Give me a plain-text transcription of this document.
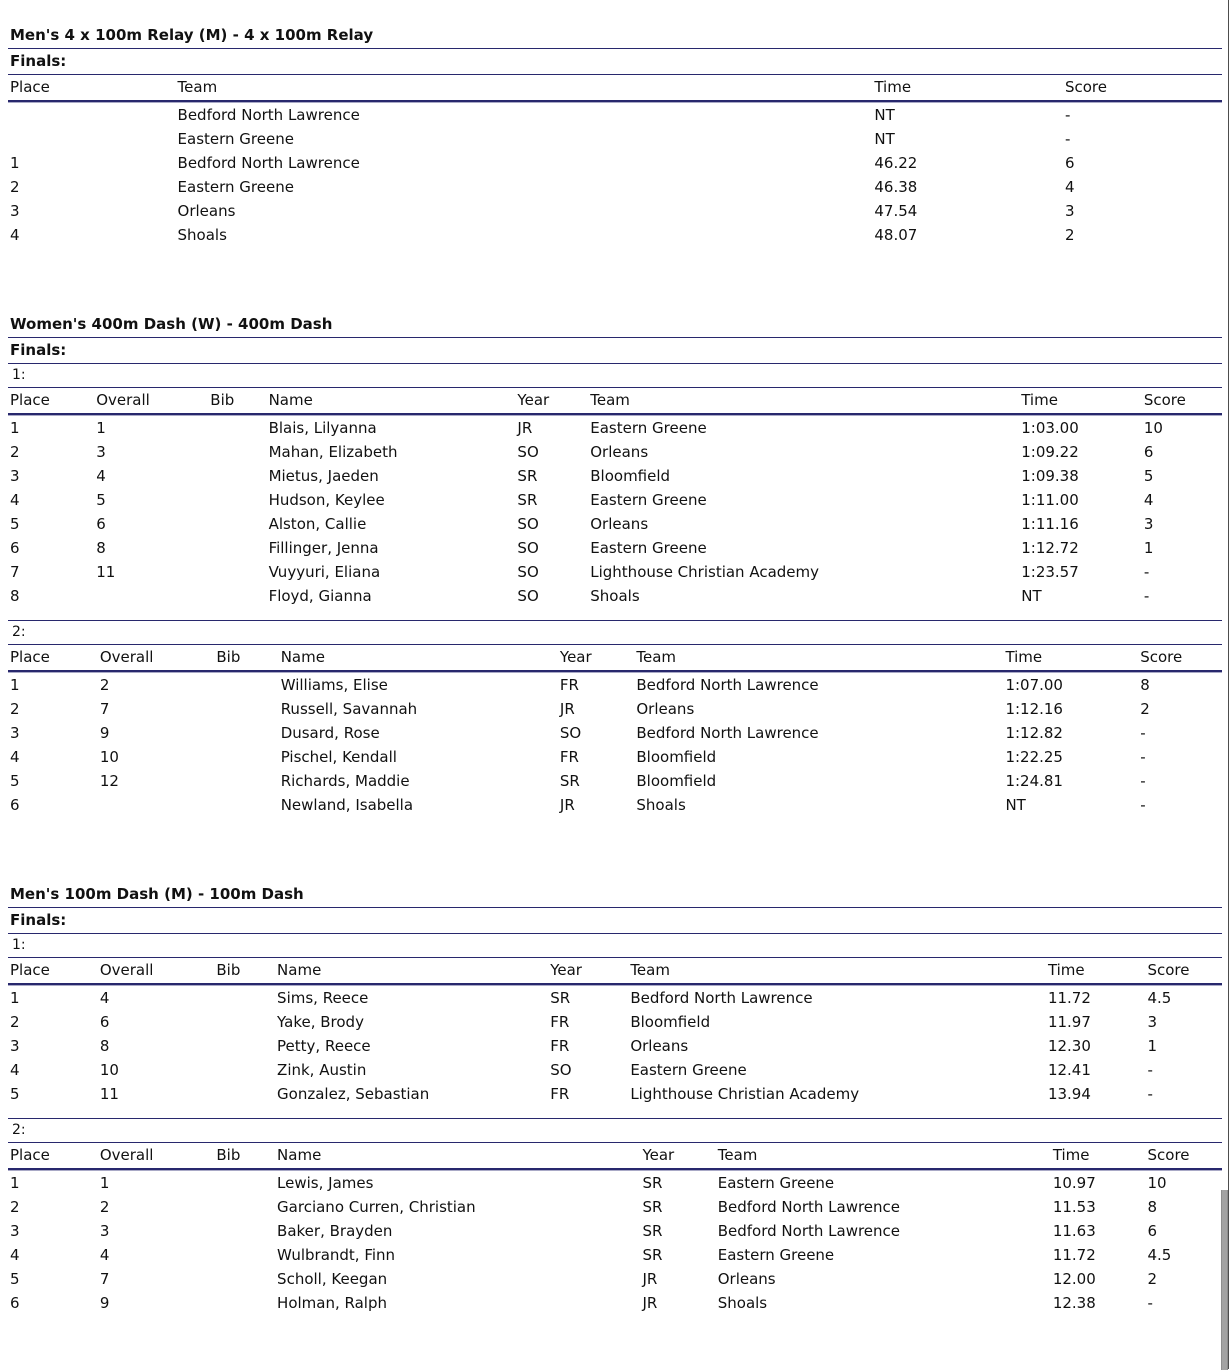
Men's 4 x 100m Relay (M) - 4 x 100m Relay
Finals:
Place	Team	Time	Score
	Bedford North Lawrence	NT	-
	Eastern Greene	NT	-
1	Bedford North Lawrence	46.22	6
2	Eastern Greene	46.38	4
3	Orleans	47.54	3
4	Shoals	48.07	2
Women's 400m Dash (W) - 400m Dash
Finals:
1:
Place	Overall	Bib	Name	Year	Team	Time	Score
1	1		Blais, Lilyanna	JR	Eastern Greene	1:03.00	10
2	3		Mahan, Elizabeth	SO	Orleans	1:09.22	6
3	4		Mietus, Jaeden	SR	Bloomfield	1:09.38	5
4	5		Hudson, Keylee	SR	Eastern Greene	1:11.00	4
5	6		Alston, Callie	SO	Orleans	1:11.16	3
6	8		Fillinger, Jenna	SO	Eastern Greene	1:12.72	1
7	11		Vuyyuri, Eliana	SO	Lighthouse Christian Academy	1:23.57	-
8			Floyd, Gianna	SO	Shoals	NT	-
2:
Place	Overall	Bib	Name	Year	Team	Time	Score
1	2		Williams, Elise	FR	Bedford North Lawrence	1:07.00	8
2	7		Russell, Savannah	JR	Orleans	1:12.16	2
3	9		Dusard, Rose	SO	Bedford North Lawrence	1:12.82	-
4	10		Pischel, Kendall	FR	Bloomfield	1:22.25	-
5	12		Richards, Maddie	SR	Bloomfield	1:24.81	-
6			Newland, Isabella	JR	Shoals	NT	-
Men's 100m Dash (M) - 100m Dash
Finals:
1:
Place	Overall	Bib	Name	Year	Team	Time	Score
1	4		Sims, Reece	SR	Bedford North Lawrence	11.72	4.5
2	6		Yake, Brody	FR	Bloomfield	11.97	3
3	8		Petty, Reece	FR	Orleans	12.30	1
4	10		Zink, Austin	SO	Eastern Greene	12.41	-
5	11		Gonzalez, Sebastian	FR	Lighthouse Christian Academy	13.94	-
2:
Place	Overall	Bib	Name	Year	Team	Time	Score
1	1		Lewis, James	SR	Eastern Greene	10.97	10
2	2		Garciano Curren, Christian	SR	Bedford North Lawrence	11.53	8
3	3		Baker, Brayden	SR	Bedford North Lawrence	11.63	6
4	4		Wulbrandt, Finn	SR	Eastern Greene	11.72	4.5
5	7		Scholl, Keegan	JR	Orleans	12.00	2
6	9		Holman, Ralph	JR	Shoals	12.38	-
